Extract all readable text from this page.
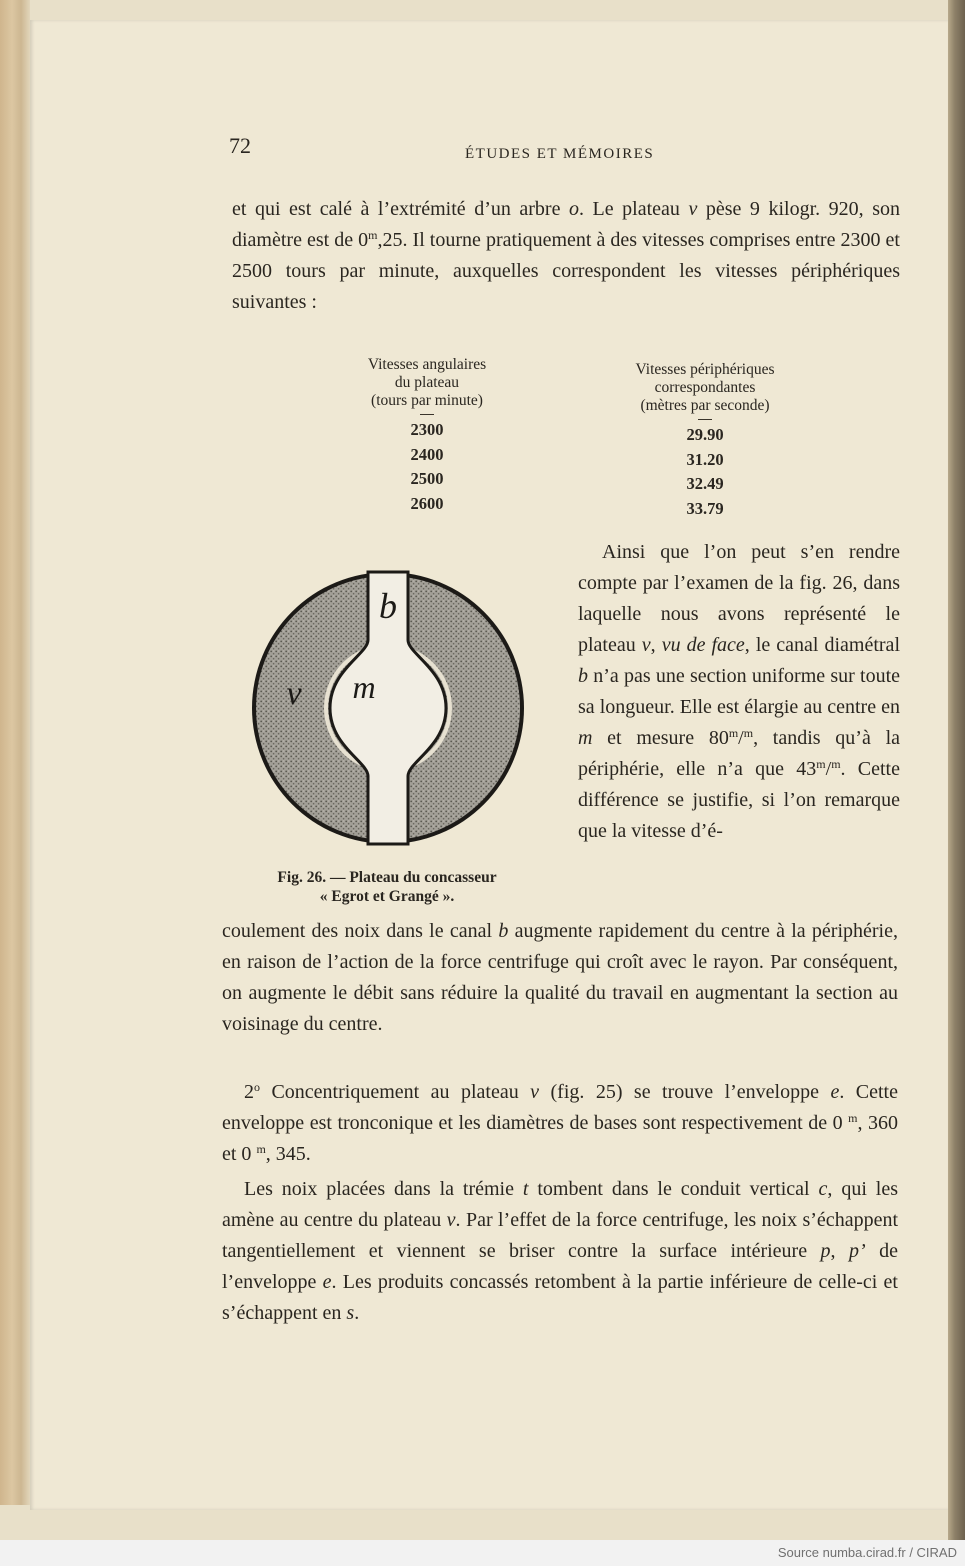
72	ÉTUDES ET MÉMOIRES

et qui est calé à l’extrémité d’un arbre o. Le plateau v pèse 9 kilogr. 920, son diamètre est de 0$^m$,25. Il tourne pratiquement à des vitesses comprises entre 2300 et 2500 tours par minute, auxquelles correspondent les vitesses périphériques suivantes :

Vitesses angulaires
du plateau
(tours par minute)
2300
2400
2500
2600
Vitesses périphériques
correspondantes
(mètres par seconde)
29.90
31.20
32.49
33.79
b
v m
Fig. 26. — Plateau du concasseur
« Egrot et Grangé ».

Ainsi que l’on peut s’en rendre compte par l’examen de la fig. 26, dans laquelle nous avons représenté le plateau v, vu de face, le canal diamétral b n’a pas une section uniforme sur toute sa longueur. Elle est élargie au centre en m et mesure 80$^m$/$^m$, tandis qu’à la périphérie, elle n’a que 43$^m$/$^m$. Cette différence se justifie, si l’on remarque que la vitesse d’é-

coulement des noix dans le canal b augmente rapidement du centre à la périphérie, en raison de l’action de la force centrifuge qui croît avec le rayon. Par conséquent, on augmente le débit sans réduire la qualité du travail en augmentant la section au voisinage du centre.

2$^o$ Concentriquement au plateau v (fig. 25) se trouve l’enveloppe e. Cette enveloppe est tronconique et les diamètres de bases sont respectivement de 0 $^m$, 360 et 0 $^m$, 345.

Les noix placées dans la trémie t tombent dans le conduit vertical c, qui les amène au centre du plateau v. Par l’effet de la force centrifuge, les noix s’échappent tangentiellement et viennent se briser contre la surface intérieure p, p’ de l’enveloppe e. Les produits concassés retombent à la partie inférieure de celle-ci et s’échappent en s.

Source numba.cirad.fr / CIRAD
